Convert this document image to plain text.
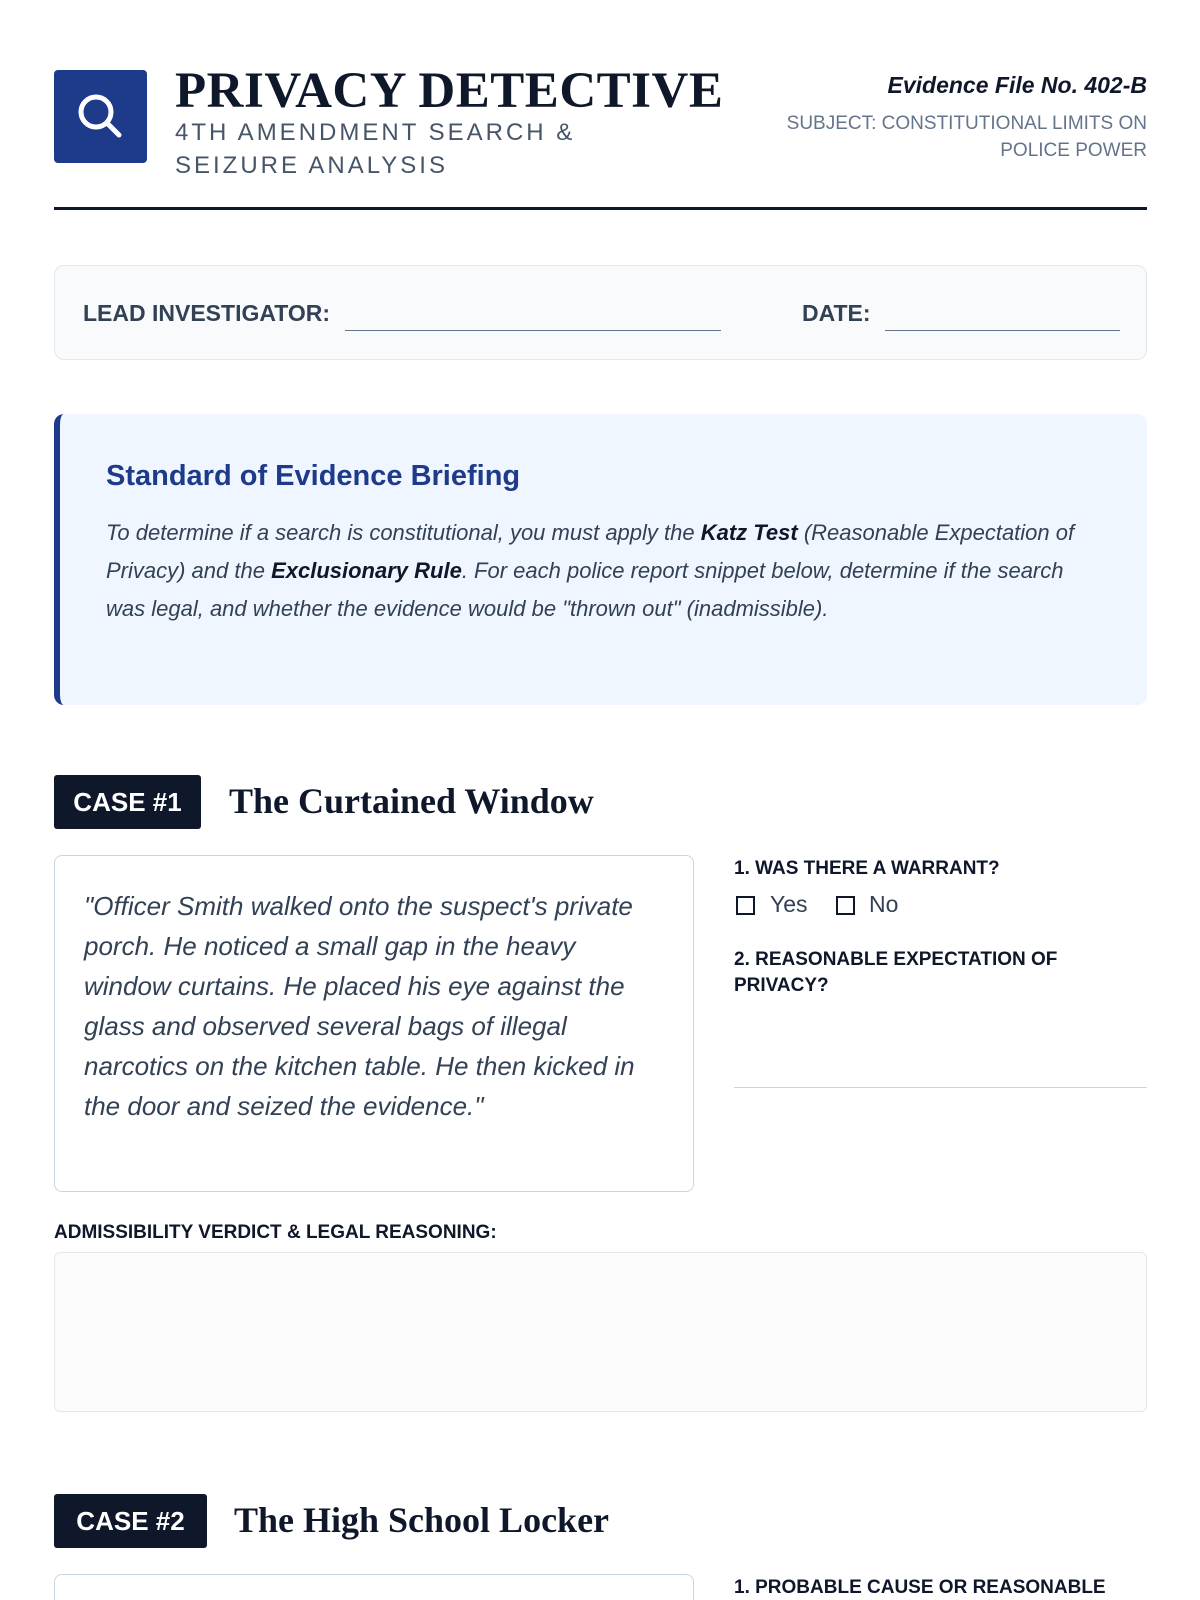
PRIVACY DETECTIVE
4TH AMENDMENT SEARCH & SEIZURE ANALYSIS
Evidence File No. 402-B
SUBJECT: CONSTITUTIONAL LIMITS ON POLICE POWER
LEAD INVESTIGATOR:	DATE:
Standard of Evidence Briefing
To determine if a search is constitutional, you must apply the Katz Test (Reasonable Expectation of Privacy) and the Exclusionary Rule. For each police report snippet below, determine if the search was legal, and whether the evidence would be "thrown out" (inadmissible).
CASE #1	The Curtained Window
"Officer Smith walked onto the suspect's private porch. He noticed a small gap in the heavy window curtains. He placed his eye against the glass and observed several bags of illegal narcotics on the kitchen table. He then kicked in the door and seized the evidence."
1. WAS THERE A WARRANT?
Yes	No
2. REASONABLE EXPECTATION OF PRIVACY?
ADMISSIBILITY VERDICT & LEGAL REASONING:
CASE #2	The High School Locker
1. PROBABLE CAUSE OR REASONABLE
